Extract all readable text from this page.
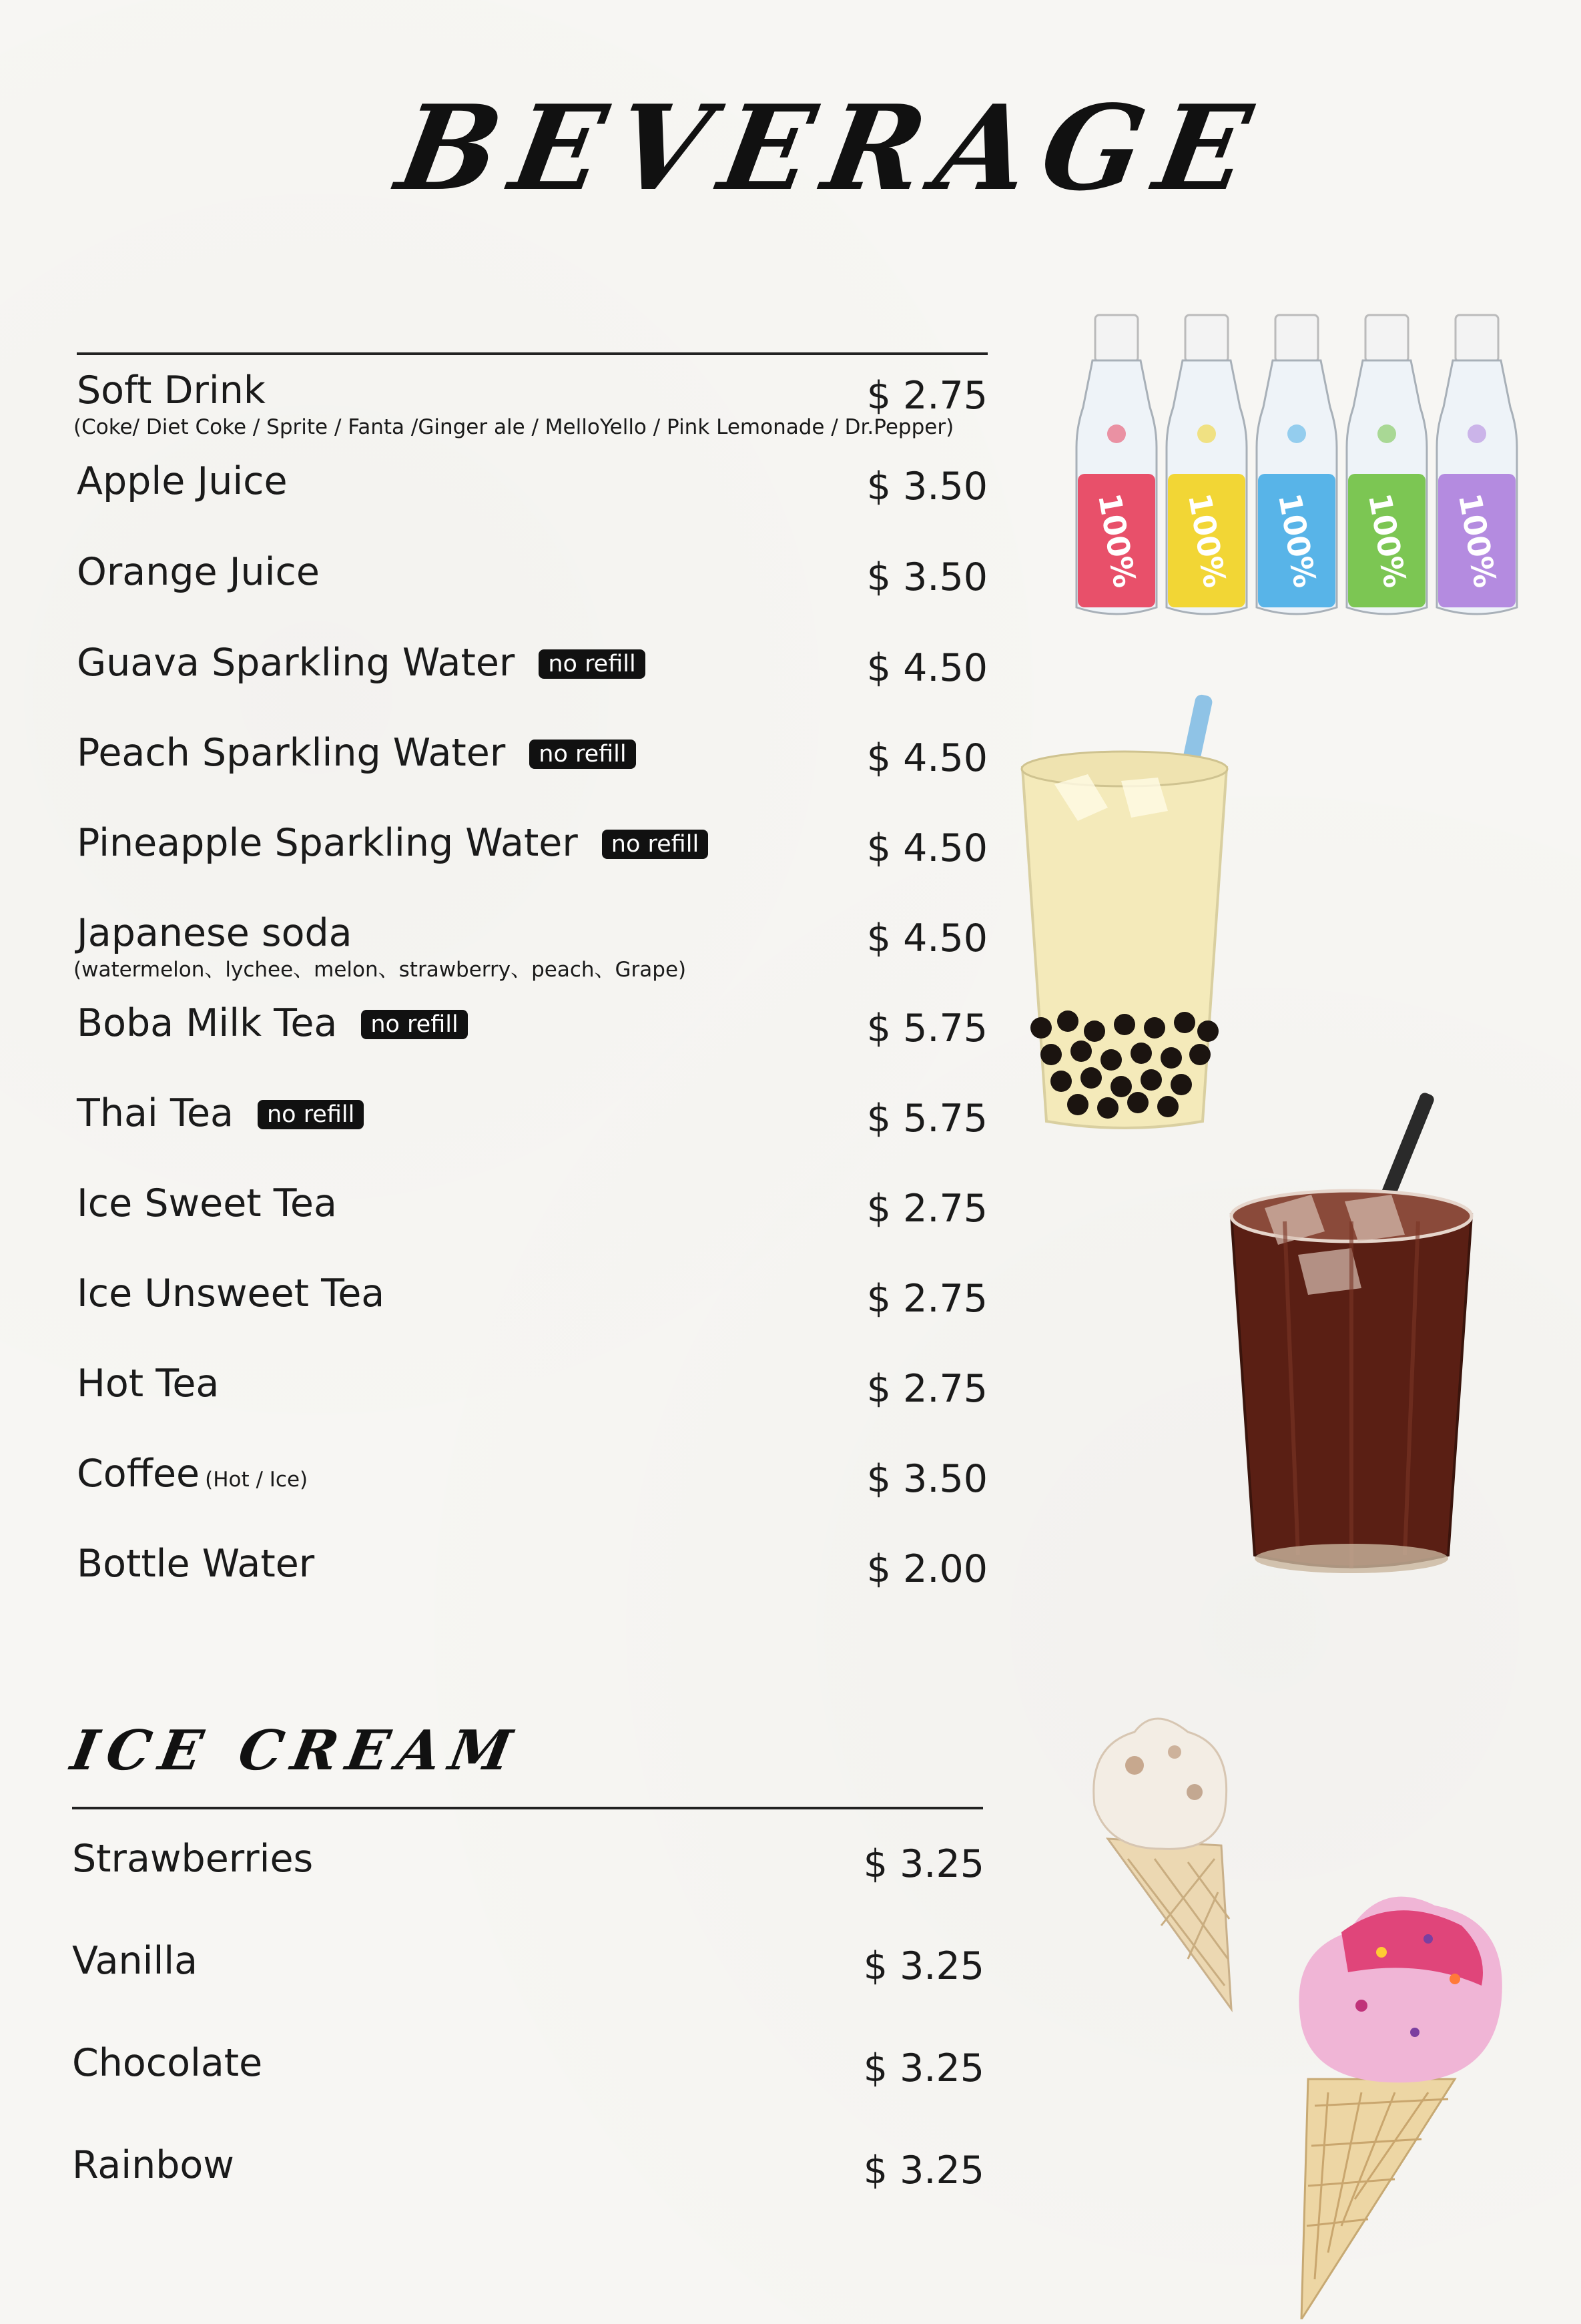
BEVERAGE
Soft Drink	$ 2.75
(Coke/ Diet Coke / Sprite / Fanta /Ginger ale / MelloYello / Pink Lemonade / Dr.Pepper)
Apple Juice	$ 3.50
Orange Juice	$ 3.50
Guava Sparkling Water no refill	$ 4.50
Peach Sparkling Water no refill	$ 4.50
Pineapple Sparkling Water no refill	$ 4.50
Japanese soda	$ 4.50
(watermelon、lychee、melon、strawberry、peach、Grape)
Boba Milk Tea no refill	$ 5.75
Thai Tea no refill	$ 5.75
Ice Sweet Tea	$ 2.75
Ice Unsweet Tea	$ 2.75
Hot Tea	$ 2.75
Coffee (Hot / Ice)	$ 3.50
Bottle Water	$ 2.00
ICE CREAM
Strawberries	$ 3.25
Vanilla	$ 3.25
Chocolate	$ 3.25
Rainbow	$ 3.25
100% 100% 100% 100% 100%
